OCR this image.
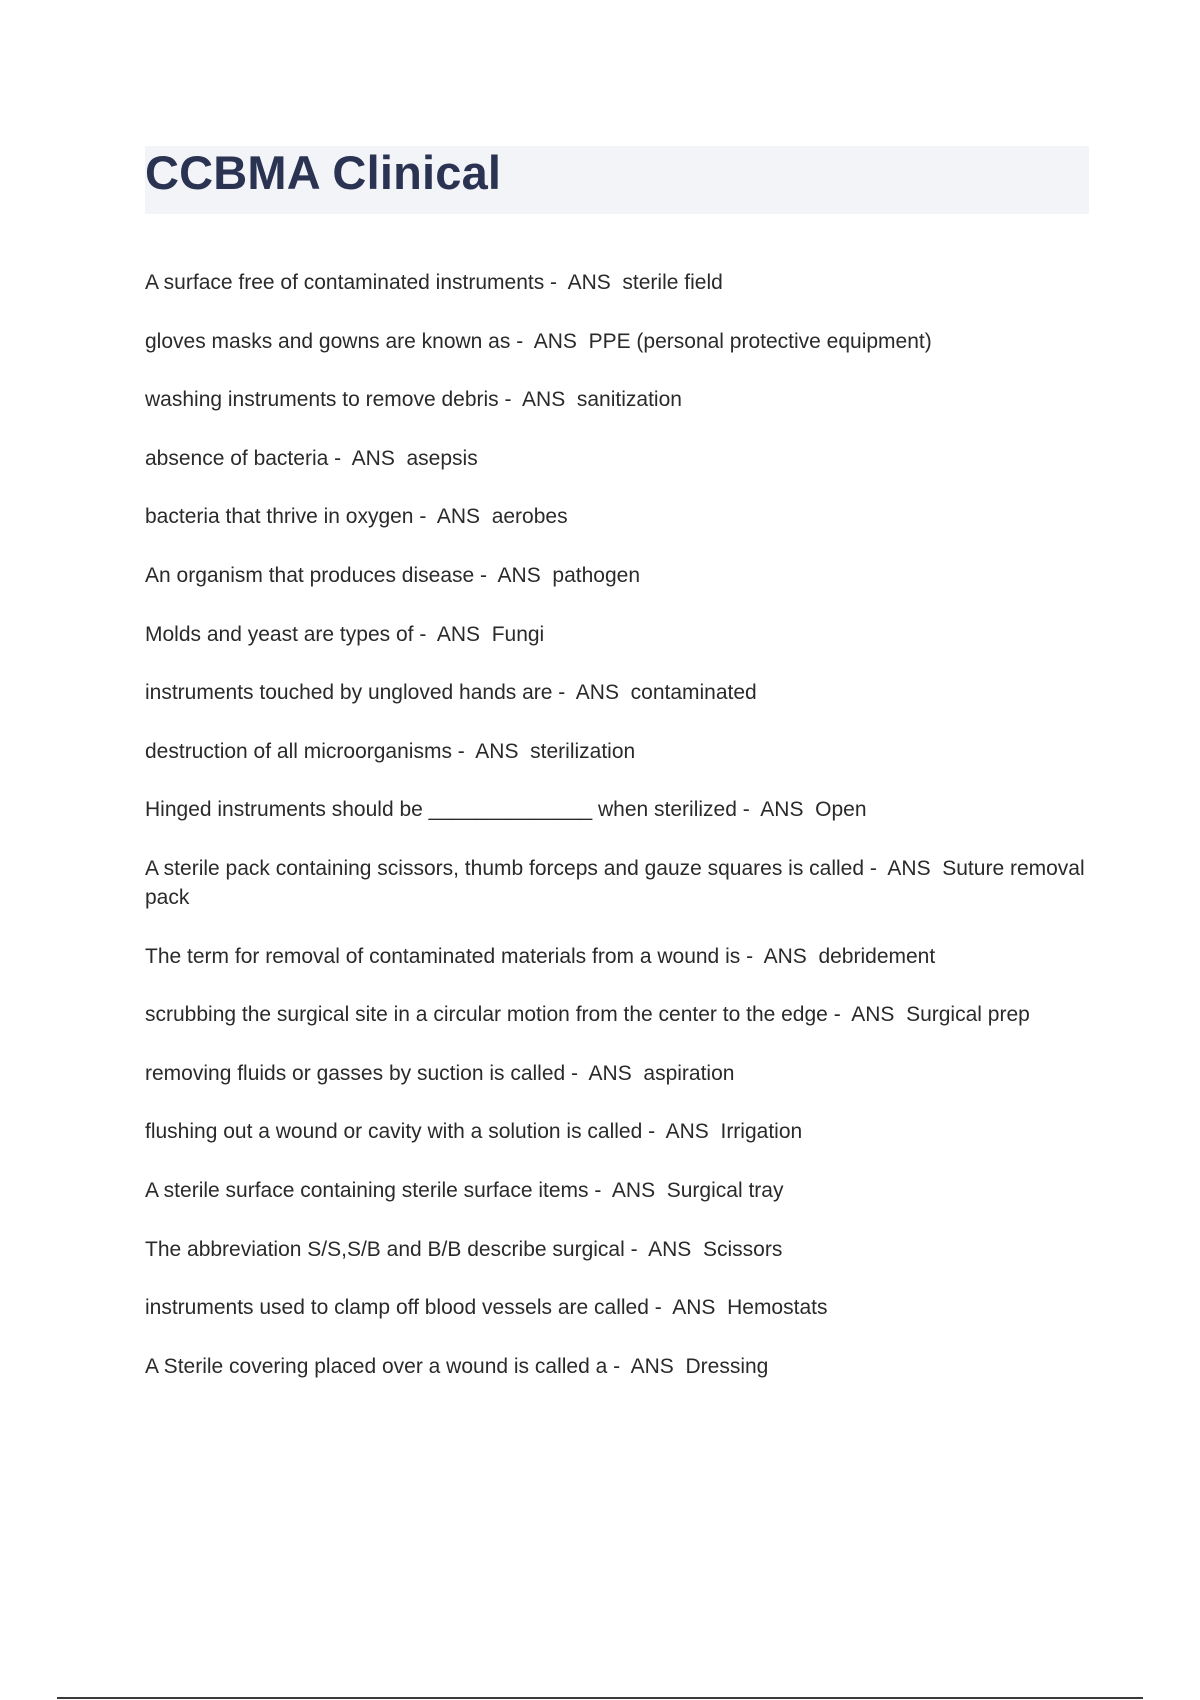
CCBMA Clinical
A surface free of contaminated instruments -  ANS sterile field
gloves masks and gowns are known as -  ANS PPE (personal protective equipment)
washing instruments to remove debris -  ANS sanitization
absence of bacteria -  ANS asepsis
bacteria that thrive in oxygen -  ANS aerobes
An organism that produces disease -  ANS pathogen
Molds and yeast are types of -  ANS Fungi
instruments touched by ungloved hands are -  ANS contaminated
destruction of all microorganisms -  ANS sterilization
Hinged instruments should be ______________ when sterilized -  ANS Open
A sterile pack containing scissors, thumb forceps and gauze squares is called -  ANS Suture removal pack
The term for removal of contaminated materials from a wound is -  ANS debridement
scrubbing the surgical site in a circular motion from the center to the edge -  ANS Surgical prep
removing fluids or gasses by suction is called -  ANS aspiration
flushing out a wound or cavity with a solution is called -  ANS Irrigation
A sterile surface containing sterile surface items -  ANS Surgical tray
The abbreviation S/S,S/B and B/B describe surgical -  ANS Scissors
instruments used to clamp off blood vessels are called -  ANS Hemostats
A Sterile covering placed over a wound is called a -  ANS Dressing
